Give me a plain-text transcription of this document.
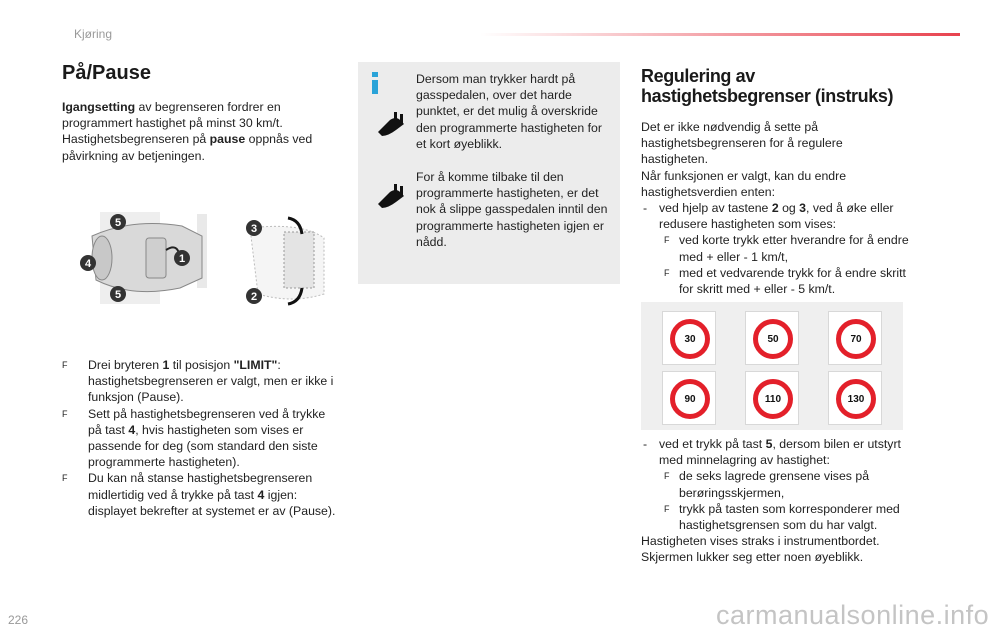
Kjøring
På/Pause

Igangsetting av begrenseren fordrer en programmert hastighet på minst 30 km/t.

Hastighetsbegrenseren på pause oppnås ved påvirkning av betjeningen.

5
4
5
1
3
2
F Drei bryteren 1 til posisjon "LIMIT": hastighetsbegrenseren er valgt, men er ikke i funksjon (Pause).
F Sett på hastighetsbegrenseren ved å trykke på tast 4, hvis hastigheten som vises er passende for deg (som standard den siste programmerte hastigheten).
F Du kan nå stanse hastighetsbegrenseren midlertidig ved å trykke på tast 4 igjen: displayet bekrefter at systemet er av (Pause).

Dersom man trykker hardt på gasspedalen, over det harde punktet, er det mulig å overskride den programmerte hastigheten for et kort øyeblikk.

For å komme tilbake til den programmerte hastigheten, er det nok å slippe gasspedalen inntil den programmerte hastigheten igjen er nådd.

Regulering av hastighetsbegrenser (instruks)

Det er ikke nødvendig å sette på hastighetsbegrenseren for å regulere hastigheten.

Når funksjonen er valgt, kan du endre hastighetsverdien enten:

- ved hjelp av tastene 2 og 3, ved å øke eller redusere hastigheten som vises:
F ved korte trykk etter hverandre for å endre med + eller - 1 km/t,
F med et vedvarende trykk for å endre skritt for skritt med + eller - 5 km/t.
30	50	70
90	110	130
- ved et trykk på tast 5, dersom bilen er utstyrt med minnelagring av hastighet:
F de seks lagrede grensene vises på berøringsskjermen,
F trykk på tasten som korresponderer med hastighetsgrensen som du har valgt.

Hastigheten vises straks i instrumentbordet.

Skjermen lukker seg etter noen øyeblikk.

226	carmanualsonline.info
